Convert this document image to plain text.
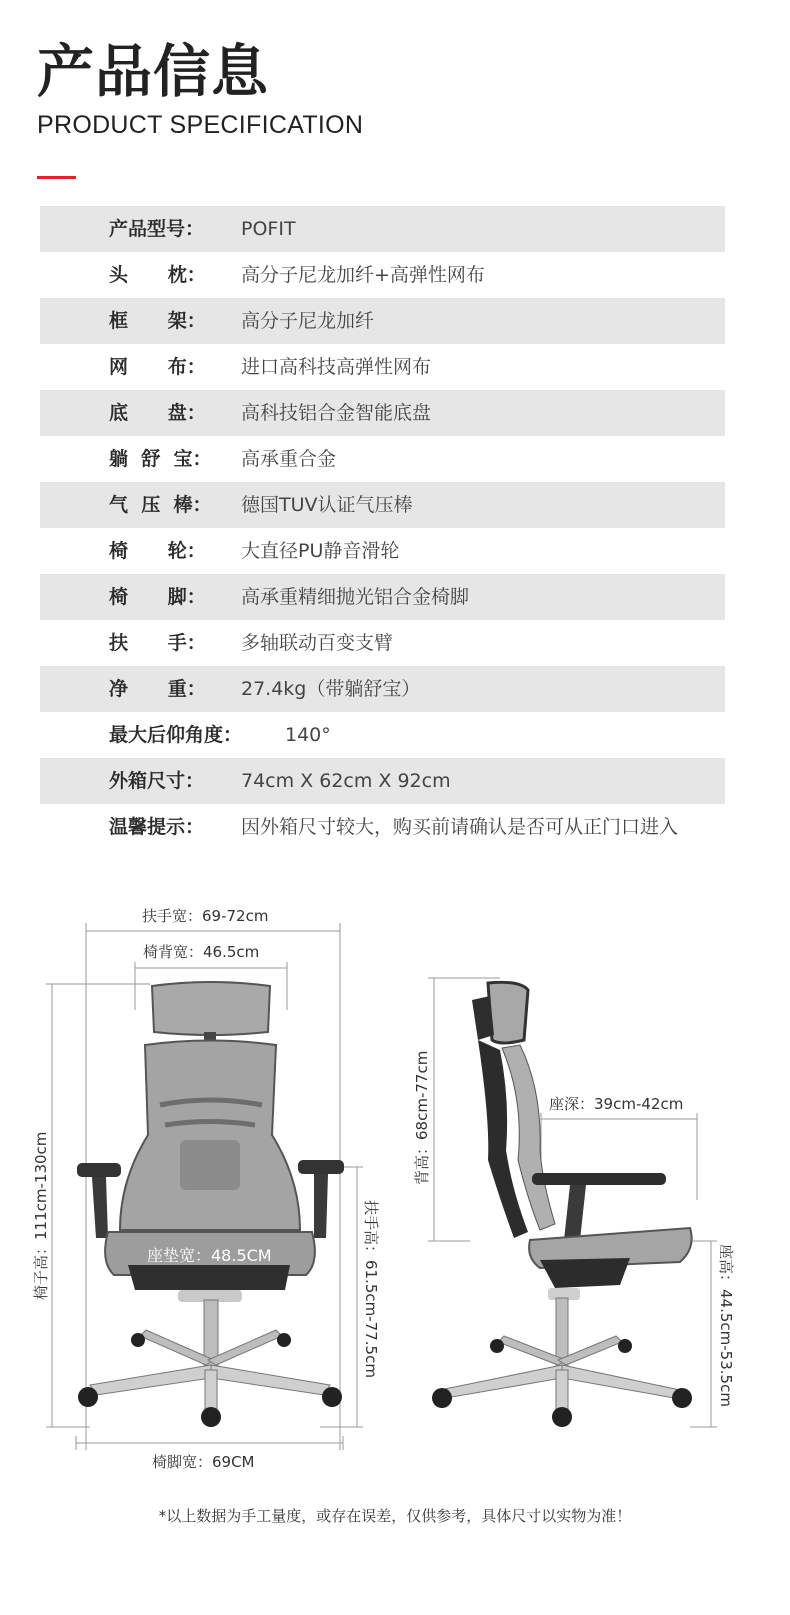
产品信息
PRODUCT SPECIFICATION
产品型号： POFIT
头      枕： 高分子尼龙加纤+高弹性网布
框      架： 高分子尼龙加纤
网      布： 进口高科技高弹性网布
底      盘： 高科技铝合金智能底盘
躺  舒  宝： 高承重合金
气  压  棒： 德国TUV认证气压棒
椅      轮： 大直径PU静音滑轮
椅      脚： 高承重精细抛光铝合金椅脚
扶      手： 多轴联动百变支臂
净      重： 27.4kg（带躺舒宝）
最大后仰角度： 140°
外箱尺寸： 74cm X 62cm X 92cm
温馨提示： 因外箱尺寸较大，购买前请确认是否可从正门口进入
扶手宽：69-72cm
椅背宽：46.5cm
座垫宽：48.5CM
椅脚宽：69CM
座深：39cm-42cm
椅子高：111cm-130cm	扶手高：61.5cm-77.5cm
背高：68cm-77cm
座高：44.5cm-53.5cm
*以上数据为手工量度，或存在误差，仅供参考，具体尺寸以实物为准！
